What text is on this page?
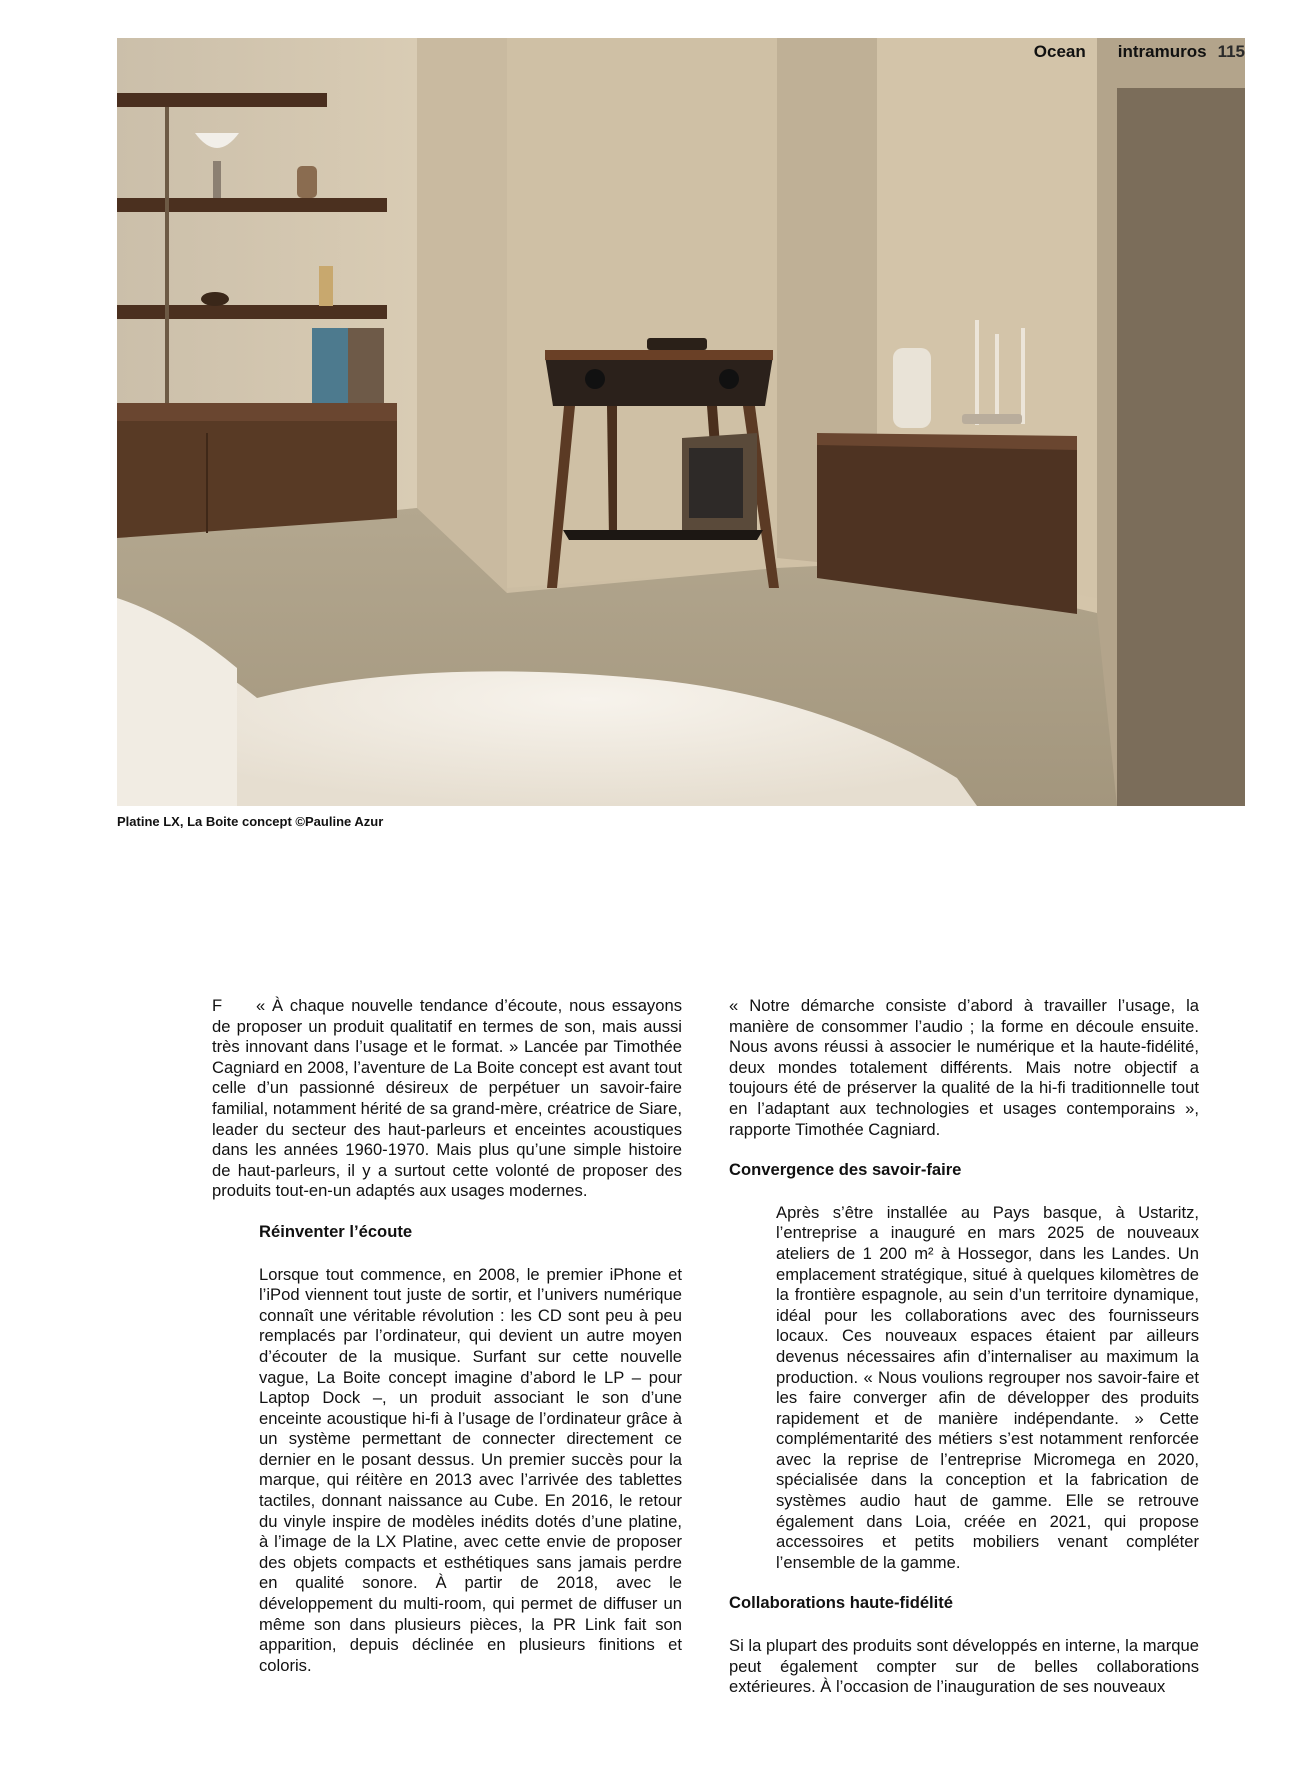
Ocean intramuros 115
Platine LX, La Boite concept ©Pauline Azur

F « À chaque nouvelle tendance d’écoute, nous essayons de proposer un produit qualitatif en termes de son, mais aussi très innovant dans l’usage et le format. » Lancée par Timothée Cagniard en 2008, l’aventure de La Boite concept est avant tout celle d’un passionné désireux de perpétuer un savoir-faire familial, notamment hérité de sa grand-mère, créatrice de Siare, leader du secteur des haut-parleurs et enceintes acoustiques dans les années 1960-1970. Mais plus qu’une simple histoire de haut-parleurs, il y a surtout cette volonté de proposer des produits tout-en-un adaptés aux usages modernes.

Réinventer l’écoute

Lorsque tout commence, en 2008, le premier iPhone et l’iPod viennent tout juste de sortir, et l’univers numérique connaît une véritable révolution : les CD sont peu à peu remplacés par l’ordinateur, qui devient un autre moyen d’écouter de la musique. Surfant sur cette nouvelle vague, La Boite concept imagine d’abord le LP – pour Laptop Dock –, un produit associant le son d’une enceinte acoustique hi-fi à l’usage de l’ordinateur grâce à un système permettant de connecter directement ce dernier en le posant dessus. Un premier succès pour la marque, qui réitère en 2013 avec l’arrivée des tablettes tactiles, donnant naissance au Cube. En 2016, le retour du vinyle inspire de modèles inédits dotés d’une platine, à l’image de la LX Platine, avec cette envie de proposer des objets compacts et esthétiques sans jamais perdre en qualité sonore. À partir de 2018, avec le développement du multi-room, qui permet de diffuser un même son dans plusieurs pièces, la PR Link fait son apparition, depuis déclinée en plusieurs finitions et coloris.

« Notre démarche consiste d’abord à travailler l’usage, la manière de consommer l’audio ; la forme en découle ensuite. Nous avons réussi à associer le numérique et la haute-fidélité, deux mondes totalement différents. Mais notre objectif a toujours été de préserver la qualité de la hi-fi traditionnelle tout en l’adaptant aux technologies et usages contemporains », rapporte Timothée Cagniard.

Convergence des savoir-faire

Après s’être installée au Pays basque, à Ustaritz, l’entreprise a inauguré en mars 2025 de nouveaux ateliers de 1 200 m² à Hossegor, dans les Landes. Un emplacement stratégique, situé à quelques kilomètres de la frontière espagnole, au sein d’un territoire dynamique, idéal pour les collaborations avec des fournisseurs locaux. Ces nouveaux espaces étaient par ailleurs devenus nécessaires afin d’internaliser au maximum la production. « Nous voulions regrouper nos savoir-faire et les faire converger afin de développer des produits rapidement et de manière indépendante. » Cette complémentarité des métiers s’est notamment renforcée avec la reprise de l’entreprise Micromega en 2020, spécialisée dans la conception et la fabrication de systèmes audio haut de gamme. Elle se retrouve également dans Loia, créée en 2021, qui propose accessoires et petits mobiliers venant compléter l’ensemble de la gamme.

Collaborations haute-fidélité

Si la plupart des produits sont développés en interne, la marque peut également compter sur de belles collaborations extérieures. À l’occasion de l’inauguration de ses nouveaux
